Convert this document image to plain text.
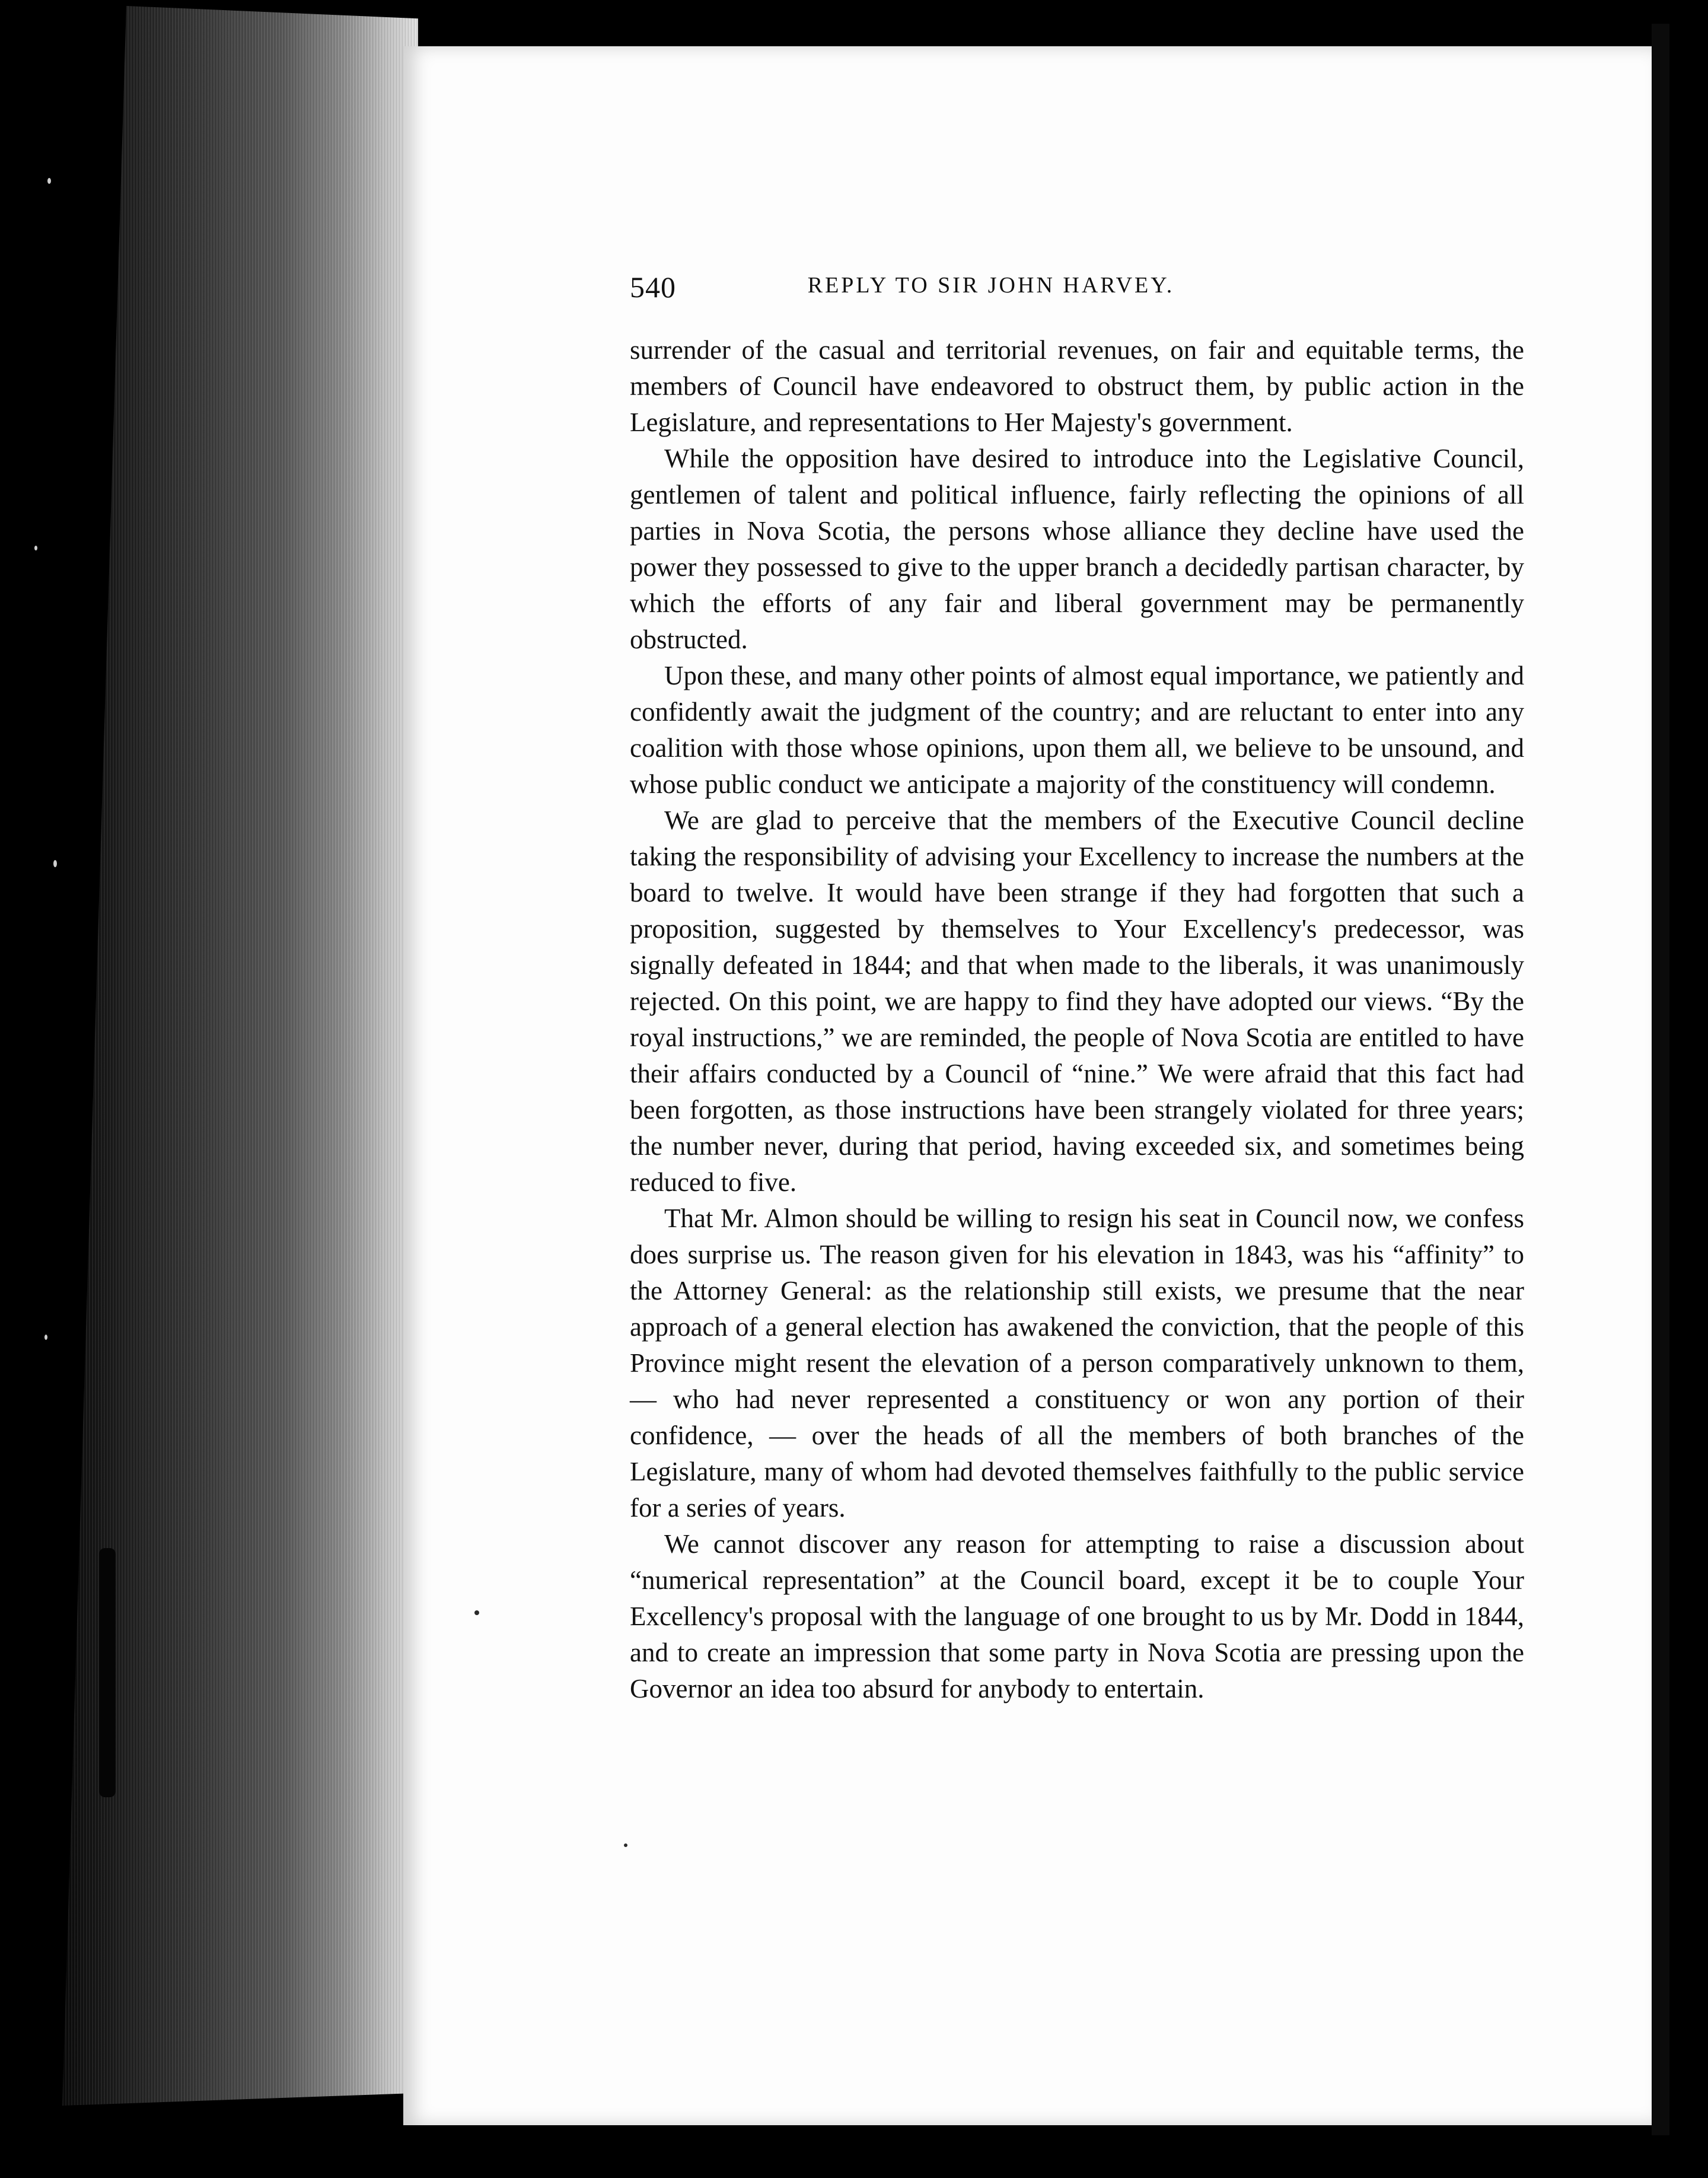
540	REPLY TO SIR JOHN HARVEY.

surrender of the casual and territorial revenues, on fair and equitable terms, the members of Council have endeavored to obstruct them, by public action in the Legislature, and representations to Her Majesty's government.

While the opposition have desired to introduce into the Legislative Council, gentlemen of talent and political influence, fairly reflecting the opinions of all parties in Nova Scotia, the persons whose alliance they decline have used the power they possessed to give to the upper branch a decidedly partisan character, by which the efforts of any fair and liberal government may be permanently obstructed.

Upon these, and many other points of almost equal importance, we patiently and confidently await the judgment of the country; and are reluctant to enter into any coalition with those whose opinions, upon them all, we believe to be unsound, and whose public conduct we anticipate a majority of the constituency will condemn.

We are glad to perceive that the members of the Executive Council decline taking the responsibility of advising your Excellency to increase the numbers at the board to twelve. It would have been strange if they had forgotten that such a proposition, suggested by themselves to Your Excellency's predecessor, was signally defeated in 1844; and that when made to the liberals, it was unanimously rejected. On this point, we are happy to find they have adopted our views. “By the royal instructions,” we are reminded, the people of Nova Scotia are entitled to have their affairs conducted by a Council of “nine.” We were afraid that this fact had been forgotten, as those instructions have been strangely violated for three years; the number never, during that period, having exceeded six, and sometimes being reduced to five.

That Mr. Almon should be willing to resign his seat in Council now, we confess does surprise us. The reason given for his elevation in 1843, was his “affinity” to the Attorney General: as the relationship still exists, we presume that the near approach of a general election has awakened the conviction, that the people of this Province might resent the elevation of a person comparatively unknown to them, — who had never represented a constituency or won any portion of their confidence, — over the heads of all the members of both branches of the Legislature, many of whom had devoted themselves faithfully to the public service for a series of years.

We cannot discover any reason for attempting to raise a discussion about “numerical representation” at the Council board, except it be to couple Your Excellency's proposal with the language of one brought to us by Mr. Dodd in 1844, and to create an impression that some party in Nova Scotia are pressing upon the Governor an idea too absurd for anybody to entertain.
